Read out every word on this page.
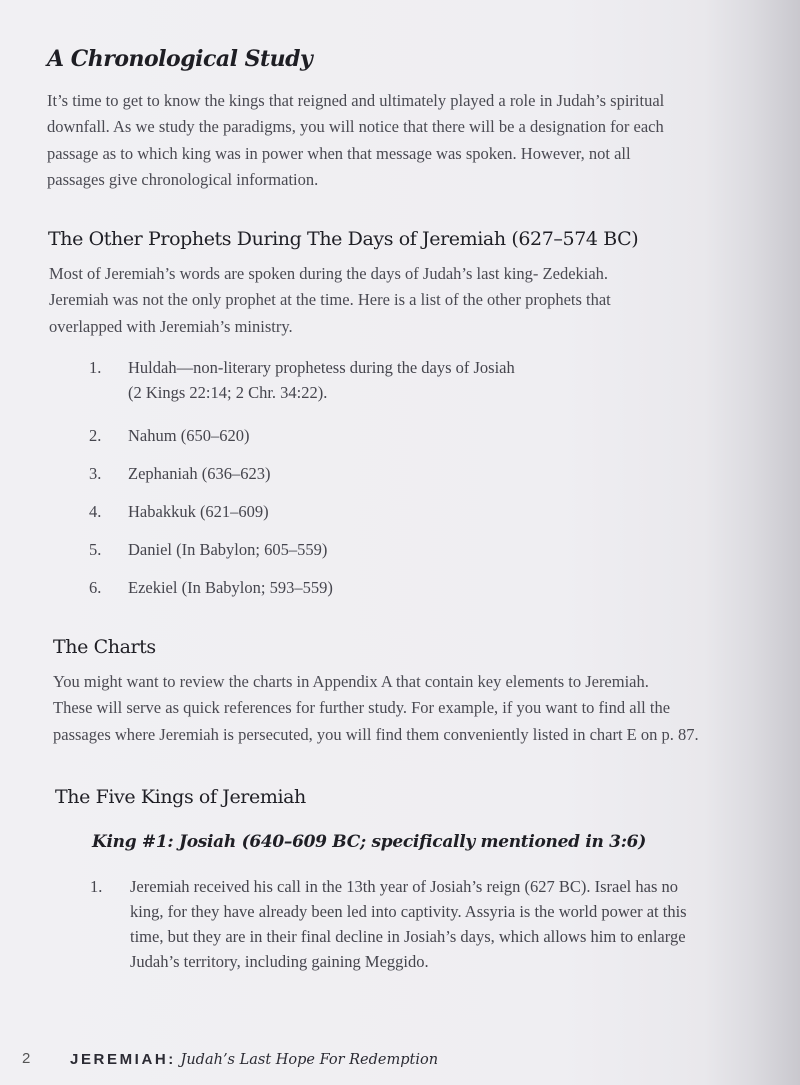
A Chronological Study
It’s time to get to know the kings that reigned and ultimately played a role in Judah’s spiritual
downfall. As we study the paradigms, you will notice that there will be a designation for each
passage as to which king was in power when that message was spoken. However, not all
passages give chronological information.
The Other Prophets During The Days of Jeremiah (627–574 BC)
Most of Jeremiah’s words are spoken during the days of Judah’s last king- Zedekiah.
Jeremiah was not the only prophet at the time. Here is a list of the other prophets that
overlapped with Jeremiah’s ministry.
1. Huldah—non-literary prophetess during the days of Josiah
(2 Kings 22:14; 2 Chr. 34:22).
2. Nahum (650–620)
3. Zephaniah (636–623)
4. Habakkuk (621–609)
5. Daniel (In Babylon; 605–559)
6. Ezekiel (In Babylon; 593–559)
The Charts
You might want to review the charts in Appendix A that contain key elements to Jeremiah.
These will serve as quick references for further study. For example, if you want to find all the
passages where Jeremiah is persecuted, you will find them conveniently listed in chart E on p. 87.
The Five Kings of Jeremiah
King #1: Josiah (640–609 BC; specifically mentioned in 3:6)
1. Jeremiah received his call in the 13th year of Josiah’s reign (627 BC). Israel has no
king, for they have already been led into captivity. Assyria is the world power at this
time, but they are in their final decline in Josiah’s days, which allows him to enlarge
Judah’s territory, including gaining Meggido.
2	JEREMIAH: Judah’s Last Hope For Redemption
